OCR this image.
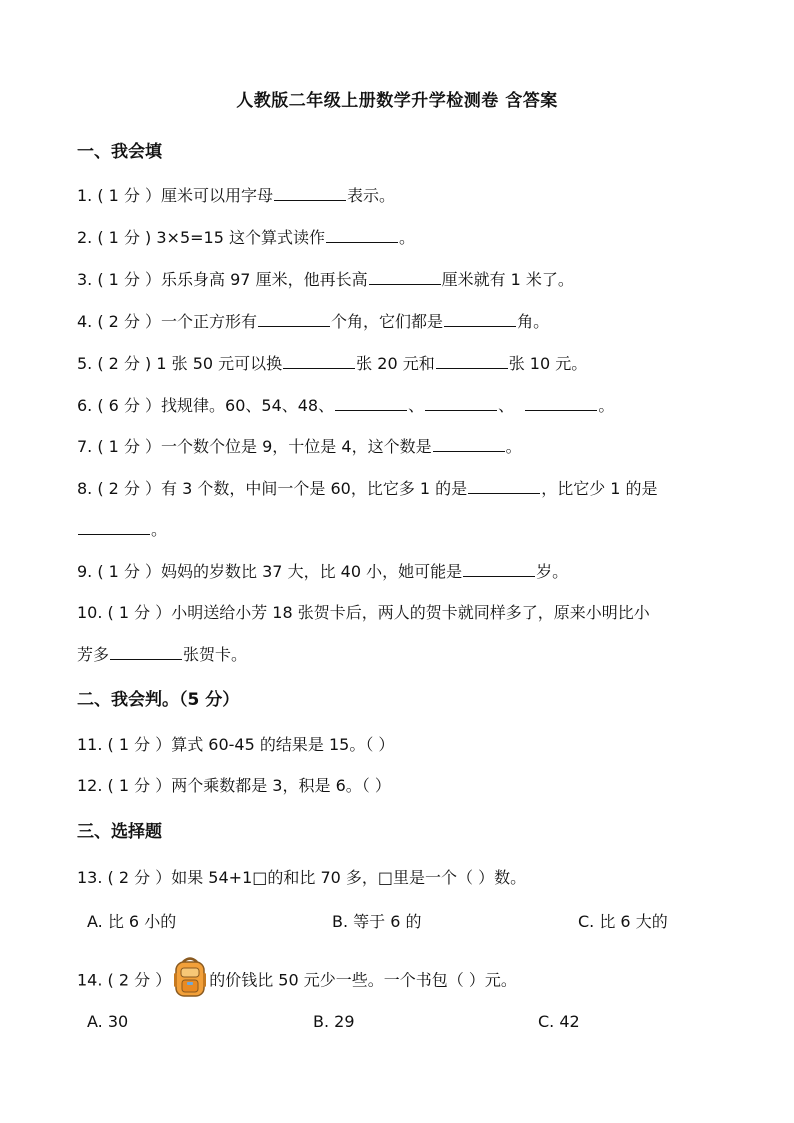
人教版二年级上册数学升学检测卷 含答案
一、我会填
1. ( 1 分 ）厘米可以用字母	表示。
2. ( 1 分 ) 3×5=15 这个算式读作	。
3. ( 1 分 ）乐乐身高 97 厘米，他再长高	厘米就有 1 米了。
4. ( 2 分 ）一个正方形有	个角，它们都是	角。
5. ( 2 分 ) 1 张 50 元可以换	张 20 元和	张 10 元。
6. ( 6 分 ）找规律。60、54、48、	、	、	。
7. ( 1 分 ）一个数个位是 9，十位是 4，这个数是	。
8. ( 2 分 ）有 3 个数，中间一个是 60，比它多 1 的是	，比它少 1 的是
。
9. ( 1 分 ）妈妈的岁数比 37 大，比 40 小，她可能是	岁。
10. ( 1 分 ）小明送给小芳 18 张贺卡后，两人的贺卡就同样多了，原来小明比小
芳多	张贺卡。
二、我会判。（5 分）
11. ( 1 分 ）算式 60-45 的结果是 15。（ ）
12. ( 1 分 ）两个乘数都是 3，积是 6。（ ）
三、选择题
13. ( 2 分 ）如果 54+1□的和比 70 多，□里是一个（ ）数。
A. 比 6 小的	B. 等于 6 的	C. 比 6 大的
14. ( 2 分 ） 的价钱比 50 元少一些。一个书包（ ）元。
A. 30	B. 29	C. 42
